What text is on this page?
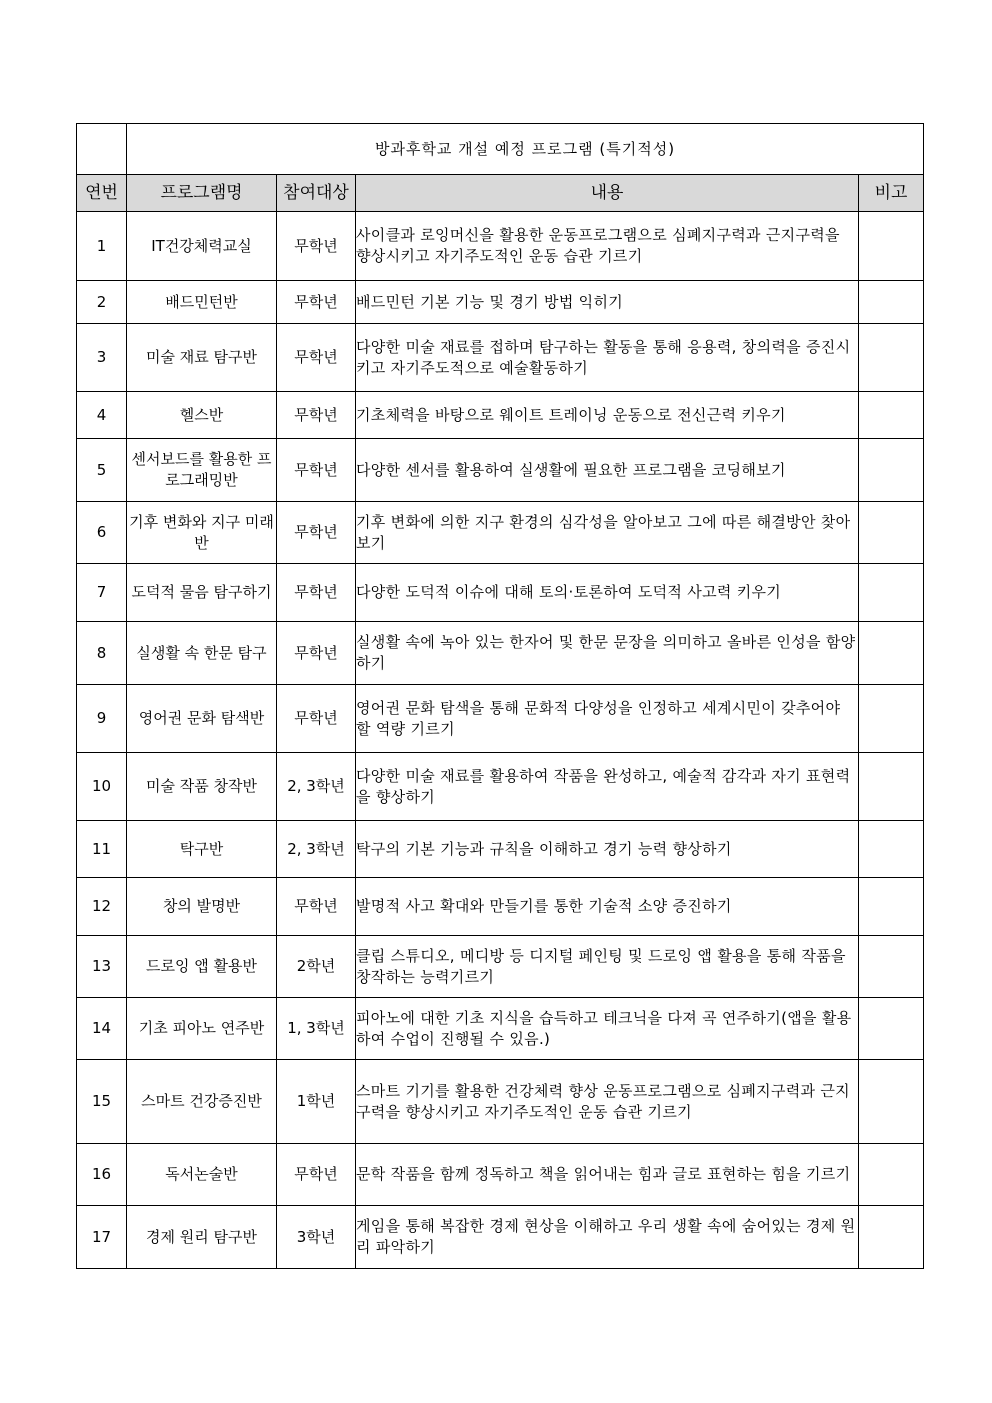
	방과후학교 개설 예정 프로그램 (특기적성)			
연번	프로그램명	참여대상	내용	비고
1	IT건강체력교실	무학년	사이클과 로잉머신을 활용한 운동프로그램으로 심폐지구력과 근지구력을 향상시키고 자기주도적인 운동 습관 기르기	
2	배드민턴반	무학년	배드민턴 기본 기능 및 경기 방법 익히기	
3	미술 재료 탐구반	무학년	다양한 미술 재료를 접하며 탐구하는 활동을 통해 응용력, 창의력을 증진시키고 자기주도적으로 예술활동하기	
4	헬스반	무학년	기초체력을 바탕으로 웨이트 트레이닝 운동으로 전신근력 키우기	
5	센서보드를 활용한 프로그래밍반	무학년	다양한 센서를 활용하여 실생활에 필요한 프로그램을 코딩해보기	
6	기후 변화와 지구 미래반	무학년	기후 변화에 의한 지구 환경의 심각성을 알아보고 그에 따른 해결방안 찾아보기	
7	도덕적 물음 탐구하기	무학년	다양한 도덕적 이슈에 대해 토의·토론하여 도덕적 사고력 키우기	
8	실생활 속 한문 탐구	무학년	실생활 속에 녹아 있는 한자어 및 한문 문장을 의미하고 올바른 인성을 함양하기	
9	영어권 문화 탐색반	무학년	영어권 문화 탐색을 통해 문화적 다양성을 인정하고 세계시민이 갖추어야 할 역량 기르기	
10	미술 작품 창작반	2, 3학년	다양한 미술 재료를 활용하여 작품을 완성하고, 예술적 감각과 자기 표현력을 향상하기	
11	탁구반	2, 3학년	탁구의 기본 기능과 규칙을 이해하고 경기 능력 향상하기	
12	창의 발명반	무학년	발명적 사고 확대와 만들기를 통한 기술적 소양 증진하기	
13	드로잉 앱 활용반	2학년	클립 스튜디오, 메디방 등 디지털 페인팅 및 드로잉 앱 활용을 통해 작품을 창작하는 능력기르기	
14	기초 피아노 연주반	1, 3학년	피아노에 대한 기초 지식을 습득하고 테크닉을 다져 곡 연주하기(앱을 활용하여 수업이 진행될 수 있음.)	
15	스마트 건강증진반	1학년	스마트 기기를 활용한 건강체력 향상 운동프로그램으로 심폐지구력과 근지구력을 향상시키고 자기주도적인 운동 습관 기르기	
16	독서논술반	무학년	문학 작품을 함께 정독하고 책을 읽어내는 힘과 글로 표현하는 힘을 기르기	
17	경제 원리 탐구반	3학년	게임을 통해 복잡한 경제 현상을 이해하고 우리 생활 속에 숨어있는 경제 원리 파악하기	
